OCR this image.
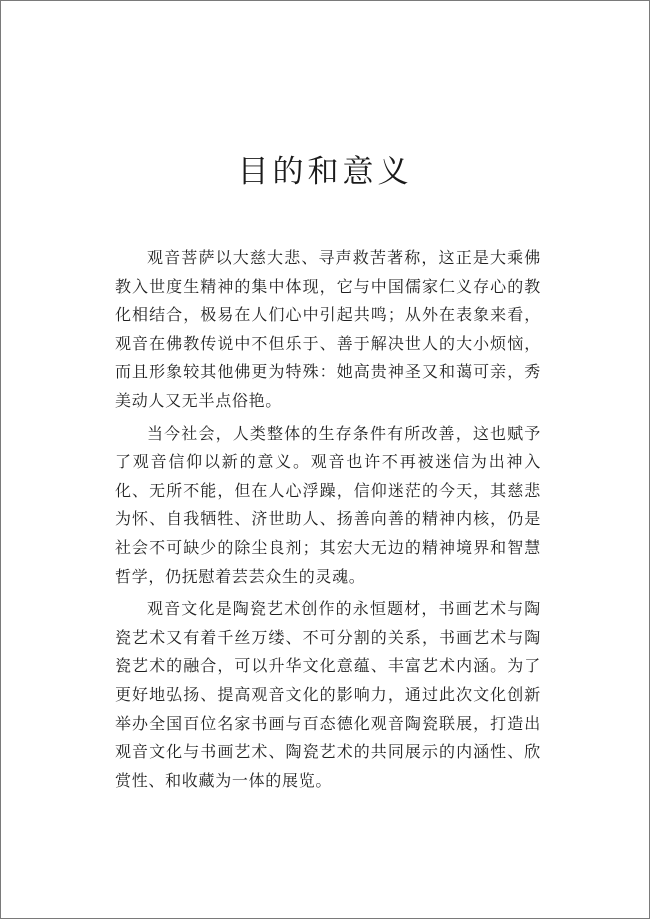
目的和意义

观音菩萨以大慈大悲、寻声救苦著称，这正是大乘佛教入世度生精神的集中体现，它与中国儒家仁义存心的教化相结合，极易在人们心中引起共鸣；从外在表象来看，观音在佛教传说中不但乐于、善于解决世人的大小烦恼，而且形象较其他佛更为特殊：她高贵神圣又和蔼可亲，秀美动人又无半点俗艳。

当今社会，人类整体的生存条件有所改善，这也赋予了观音信仰以新的意义。观音也许不再被迷信为出神入化、无所不能，但在人心浮躁，信仰迷茫的今天，其慈悲为怀、自我牺牲、济世助人、扬善向善的精神内核，仍是社会不可缺少的除尘良剂；其宏大无边的精神境界和智慧哲学，仍抚慰着芸芸众生的灵魂。

观音文化是陶瓷艺术创作的永恒题材，书画艺术与陶瓷艺术又有着千丝万缕、不可分割的关系，书画艺术与陶瓷艺术的融合，可以升华文化意蕴、丰富艺术内涵。为了更好地弘扬、提高观音文化的影响力，通过此次文化创新举办全国百位名家书画与百态德化观音陶瓷联展，打造出观音文化与书画艺术、陶瓷艺术的共同展示的内涵性、欣赏性、和收藏为一体的展览。
